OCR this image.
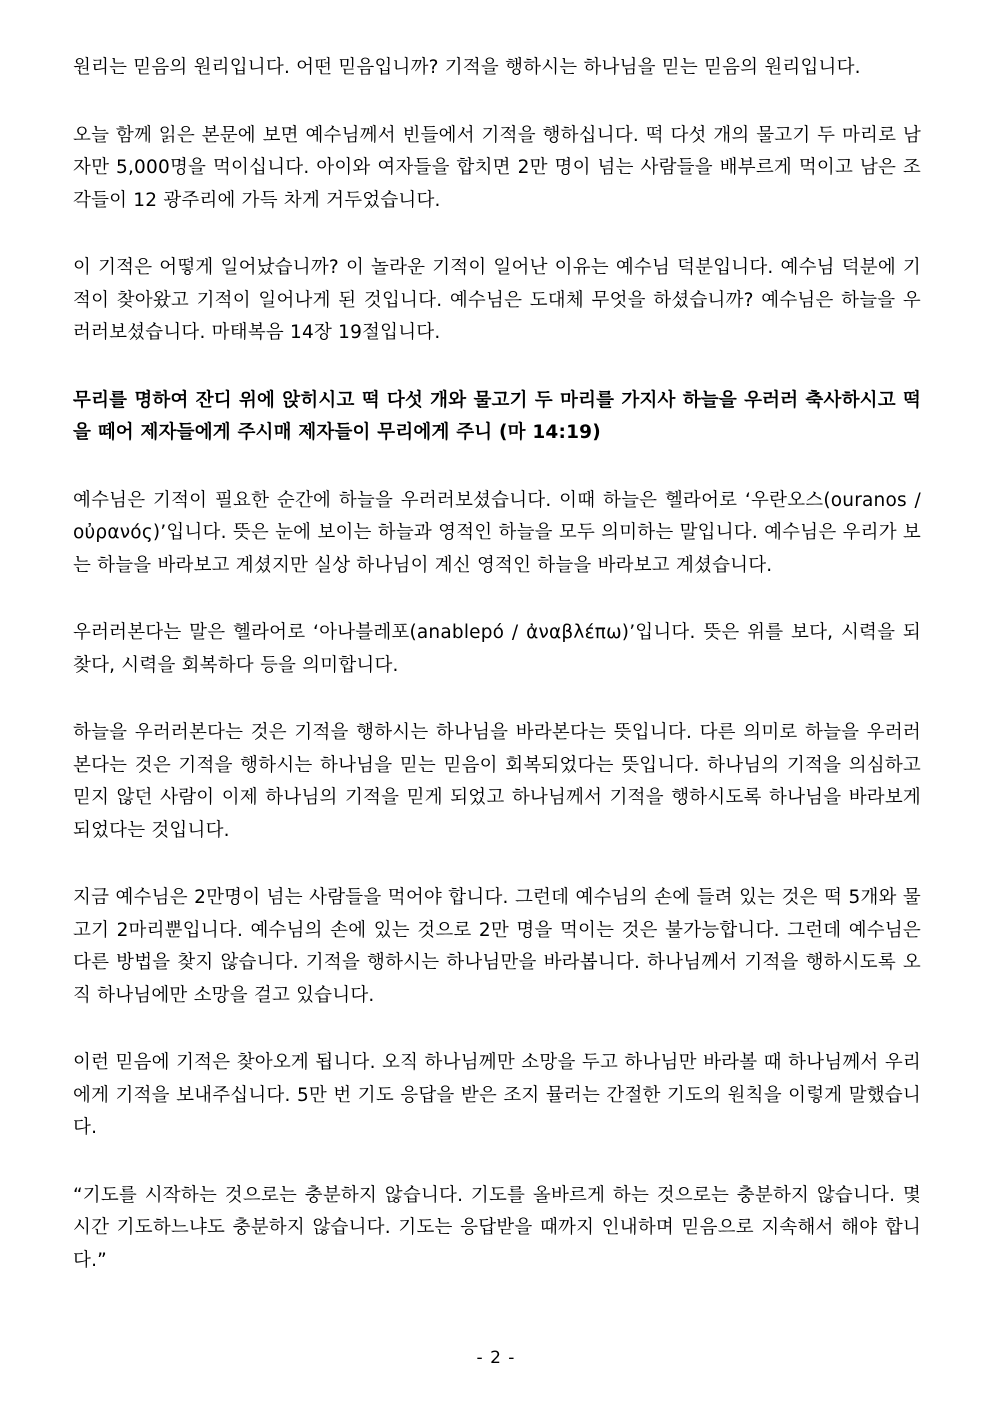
원리는 믿음의 원리입니다. 어떤 믿음입니까? 기적을 행하시는 하나님을 믿는 믿음의 원리입니다.

오늘 함께 읽은 본문에 보면 예수님께서 빈들에서 기적을 행하십니다. 떡 다섯 개의 물고기 두 마리로 남자만 5,000명을 먹이십니다. 아이와 여자들을 합치면 2만 명이 넘는 사람들을 배부르게 먹이고 남은 조각들이 12 광주리에 가득 차게 거두었습니다.

이 기적은 어떻게 일어났습니까? 이 놀라운 기적이 일어난 이유는 예수님 덕분입니다. 예수님 덕분에 기적이 찾아왔고 기적이 일어나게 된 것입니다. 예수님은 도대체 무엇을 하셨습니까? 예수님은 하늘을 우러러보셨습니다. 마태복음 14장 19절입니다.

무리를 명하여 잔디 위에 앉히시고 떡 다섯 개와 물고기 두 마리를 가지사 하늘을 우러러 축사하시고 떡을 떼어 제자들에게 주시매 제자들이 무리에게 주니 (마 14:19)

예수님은 기적이 필요한 순간에 하늘을 우러러보셨습니다. 이때 하늘은 헬라어로 ‘우란오스(ouranos / οὐρανός)’입니다. 뜻은 눈에 보이는 하늘과 영적인 하늘을 모두 의미하는 말입니다. 예수님은 우리가 보는 하늘을 바라보고 계셨지만 실상 하나님이 계신 영적인 하늘을 바라보고 계셨습니다.

우러러본다는 말은 헬라어로 ‘아나블레포(anablepó / ἀναβλέπω)’입니다. 뜻은 위를 보다, 시력을 되찾다, 시력을 회복하다 등을 의미합니다.

하늘을 우러러본다는 것은 기적을 행하시는 하나님을 바라본다는 뜻입니다. 다른 의미로 하늘을 우러러본다는 것은 기적을 행하시는 하나님을 믿는 믿음이 회복되었다는 뜻입니다. 하나님의 기적을 의심하고 믿지 않던 사람이 이제 하나님의 기적을 믿게 되었고 하나님께서 기적을 행하시도록 하나님을 바라보게 되었다는 것입니다.

지금 예수님은 2만명이 넘는 사람들을 먹어야 합니다. 그런데 예수님의 손에 들려 있는 것은 떡 5개와 물고기 2마리뿐입니다. 예수님의 손에 있는 것으로 2만 명을 먹이는 것은 불가능합니다. 그런데 예수님은 다른 방법을 찾지 않습니다. 기적을 행하시는 하나님만을 바라봅니다. 하나님께서 기적을 행하시도록 오직 하나님에만 소망을 걸고 있습니다.

이런 믿음에 기적은 찾아오게 됩니다. 오직 하나님께만 소망을 두고 하나님만 바라볼 때 하나님께서 우리에게 기적을 보내주십니다. 5만 번 기도 응답을 받은 조지 뮬러는 간절한 기도의 원칙을 이렇게 말했습니다.

“기도를 시작하는 것으로는 충분하지 않습니다. 기도를 올바르게 하는 것으로는 충분하지 않습니다. 몇 시간 기도하느냐도 충분하지 않습니다. 기도는 응답받을 때까지 인내하며 믿음으로 지속해서 해야 합니다.”

- 2 -
